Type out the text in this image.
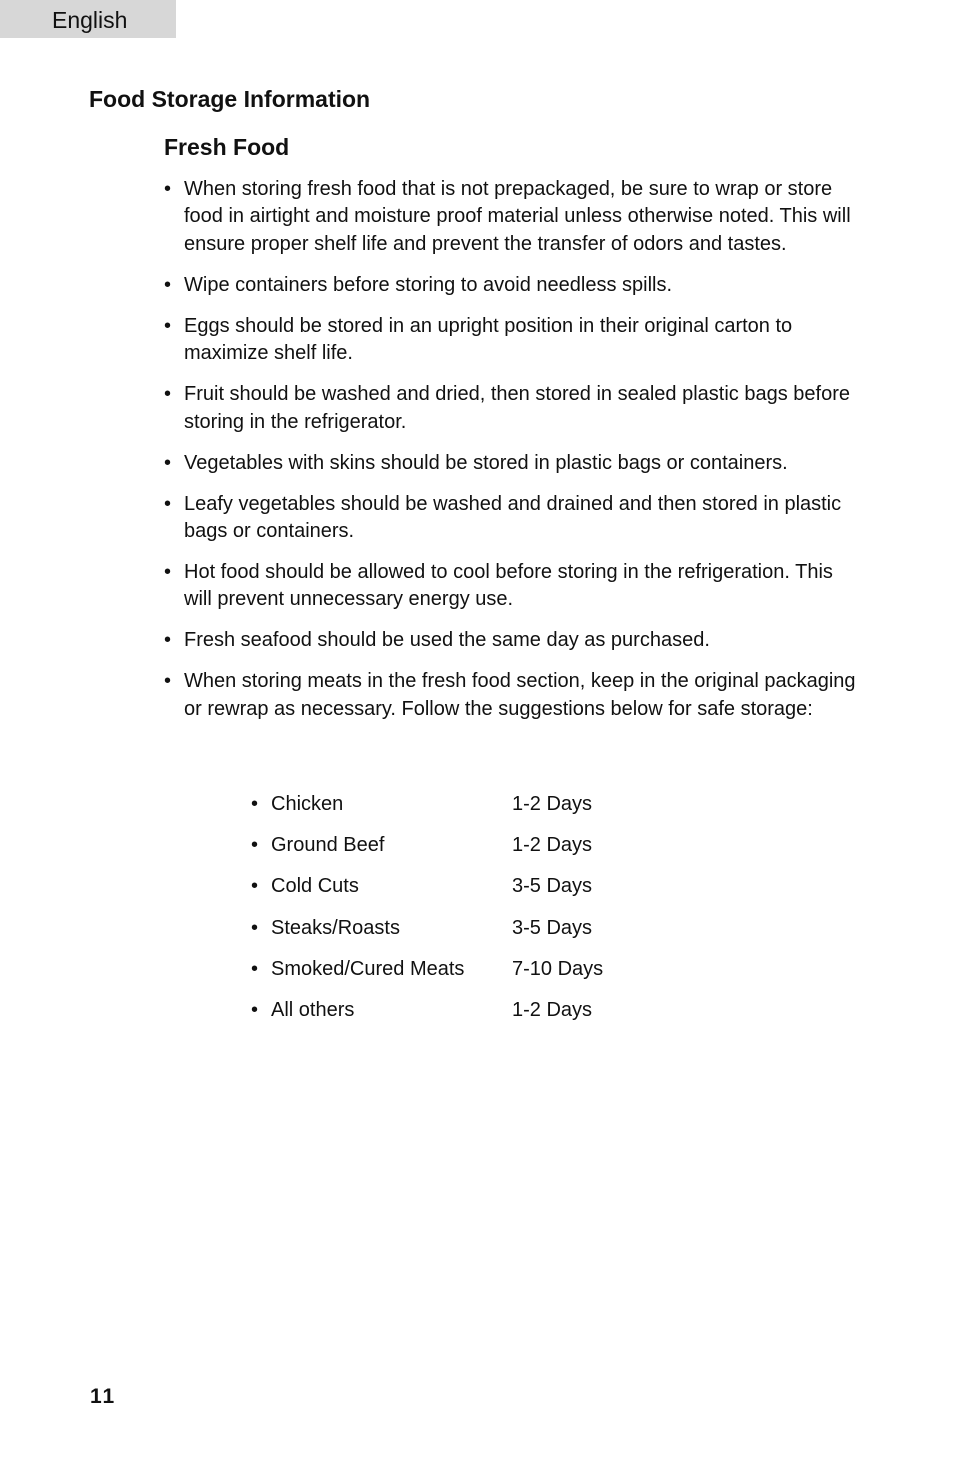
English
Food Storage Information
Fresh Food
• When storing fresh food that is not prepackaged, be sure to wrap or store food in airtight and moisture proof material unless otherwise noted. This will ensure proper shelf life and prevent the transfer of odors and tastes.
• Wipe containers before storing to avoid needless spills.
• Eggs should be stored in an upright position in their original carton to maximize shelf life.
• Fruit should be washed and dried, then stored in sealed plastic bags before storing in the refrigerator.
• Vegetables with skins should be stored in plastic bags or containers.
• Leafy vegetables should be washed and drained and then stored in plastic bags or containers.
• Hot food should be allowed to cool before storing in the refrigeration. This will prevent unnecessary energy use.
• Fresh seafood should be used the same day as purchased.
• When storing meats in the fresh food section, keep in the original packaging or rewrap as necessary. Follow the suggestions below for safe storage:
• Chicken	1-2 Days
• Ground Beef	1-2 Days
• Cold Cuts	3-5 Days
• Steaks/Roasts	3-5 Days
• Smoked/Cured Meats 7-10 Days
• All others	1-2 Days
11
